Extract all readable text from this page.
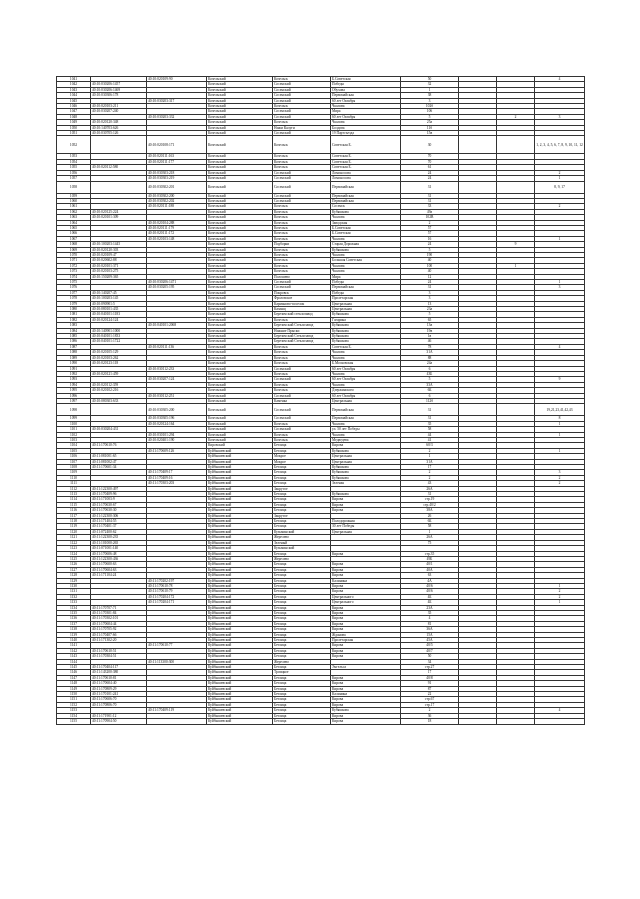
1041		40:10:020109:90	Козельский	Козельск	Б.Советская	50			4
1042	40:10:030206:1457		Козельский	Сосенский	Победы	32			
1043	40:10:030206:1469		Козельский	Сосенский	Обухова	1			
1044	40:10:030306:178		Козельский	Сосенский	Первомайская	38			
1045		40:10:030203:317	Козельский	Сосенский	60 лет Октября	3			
1046	40:10:020103:211		Козельский	Козельск	Чкалова	102б			
1047	40:10:030207:240		Козельский	Сосенский	Мира	106			
1048		40:10:030203:332	Козельский	Сосенский	60 лет Октября	5		2	3
1049	40:10:020120:348		Козельский	Козельск	Чкалова	25а			
1050	40:10:140703:626		Козельский	Нижи Калуги	Болдова	11б			
1051	40:10:030705:126		Козельский	Сосенский	19 Партсъезда	15в			
1052		40:10:020108:171	Козельский	Козельск	Советская Б.	30			1, 2, 3, 4, 5, 6, 7, 8, 9, 10, 11, 12
1053		40:10:020111:163	Козельский	Козельск	Советская Б.	70			
1054		40:10:020111:177	Козельский	Козельск	Советская Б.	70			
1055	40:10:020112:580		Козельский	Козельск	Советская Б.	61			
1056		40:10:030303:218	Козельский	Сосенский	Ломоносова	24			2
1057		40:10:030303:219	Козельский	Сосенский	Ломоносова	24			1
1058		40:10:030302:201	Козельский	Сосенский	Первомайская	31			8, 9, 17
1059		40:10:030302:200	Козельский	Сосенский	Первомайская	31			
1060		40:10:030302:202	Козельский	Сосенский	Первомайская	31			
1061		40:10:020111:188	Козельский	Козельск	Сосенск	33			2
1062	40:10:020125:224		Козельский	Козельск	Кубяшкова	49а			
1063	40:10:020101:309		Козельский	Козельск	Чкалова	102В			
1064		40:10:020104:288	Козельский	Козельск	Заводская	2			
1065		40:10:020111:179	Козельский	Козельск	Б.Советская	57			
1066		40:10:020111:172	Козельский	Козельск	Б.Советская	57			
1067		40:10:020103:148	Козельский	Козельск	Чкалова	16			1
1068	40:10:100203:1445		Козельский	Подборки	Старая Дорожная	24		9	
1069	40:10:020120:303		Козельский	Козельск	Кубяшкова	5			
1070	40:10:020109:47		Козельский	Козельск	Чкалова	190			
1071	40:10:020602:88		Козельский	Козельск	Большая Советская	40			
1072	40:10:020101:371		Козельский	Козельск	Чкалова	100		1	
1073	40:10:020103:275		Козельский	Козельск	Чкалова	40			
1074	40:10:150209:365		Козельский	Полошево	Мира	12			
1075		40:10:030206:1471	Козельский	Сосенский	Победы	24			1
1076		40:10:030205:195	Козельский	Сосенский	Первомайская	31			3
1077	40:10:140207:45		Козельский	Покровск	Победы	3			
1078	40:10:100203:145		Козельский	Фроловское	Пролетарская	3			
1079	40:10:090901:5		Козельский	Карманово-поселок	Центральная	13			
1080	40:10:080101:435		Козельский	Казанщ	Центральная	23а			
1081	40:10:040101:1183		Козельский	Березичский стеклозавод	Кубяшкова	5			
1082	40:10:020124:124		Козельский	Козельск	Гагарина	65			
1083		40:10:040101:2068	Козельский	Березичский Стеклозавод	Кубяшкова	13в			
1084	40:10:140901:1000		Козельский	Нижние Прыски	Кубяшкова	19в			
1085	40:10:040101:1833		Козельский	Березичский Стеклозавод	Кубяшкова	1в			
1086	40:10:040101:1722		Козельский	Березичский Стеклозавод	Кубяшкова	46			
1087		40:10:020111:136	Козельский	Козельск	Советская Б.	78			4
1088	40:10:020105:129		Козельский	Козельск	Чкалова	31А			
1089	40:10:020103:262		Козельский	Козельск	Чкалова	88			
1090	40:10:020123:118		Козельский	Козельск	Б.Московская	24а			
1091		40:10:030112:233	Козельский	Сосенский	60 лет Октября	6			
1092	40:10:020121:459		Козельский	Козельск	Чкалова	43Б			
1093		40:10:030207:124	Козельский	Сосенский	60 лет Октября	5			9
1094	40:10:020112:359		Козельский	Козельск	Чкалова	33А			
1095	40:10:020102:216		Козельский	Козельск	Дзержинского	6Б			
1096		40:10:030112:251	Козельский	Сосенский	60 лет Октября	6			
1097	40:10:080303:633		Козельский	Каменка	Центральная	112б			
1098		40:10:030305:200	Козельский	Сосенский	Первомайская	31			19,21,23,41,42,43
1099		40:10:030305:196	Козельский	Сосенский	Первомайская	31			8
1100		40:10:020124:164	Козельский	Козельск	Чкалова	35			1
1101	40:10:030204:431		Козельский	Сосенский	ул. 50 лет Победы	58			
1102		40:10:030101:294	Козельский	Козельск	Чкалова	44			1
1103		40:10:020401:190	Козельский	Козельск	Медведева	41			
1104	40:11:170610:76		Кировский	Бетлица	Кирова	60/3			
1105		40:11:170609:126	Куйбышевский	Бетлица	Кубяшкова	2			1
1106	40:11:081001:65		Куйбышевский	Мокрое	Центральная	1			
1107	40:11:081002:47		Куйбышевский	Мокрое	Центральная	31А			
1108	40:11:170601:34		Куйбышевский	Бетлица	Кубяшкова	17			
1109		40:11:170409:17	Куйбышевский	Бетлица	Кубяшкова	2			3
1110		40:11:170409:16	Куйбышевский	Бетлица	Кубяшкова	2			2
1111		40:11:170303:203	Куйбышевский	Бетлица	Зеленая	43			2
1112	40:11:122300:497		Куйбышевский	Закрутое		26А			
1113	40:11:170409:96		Куйбышевский	Бетлица	Кубяшкова	31			
1114	40:11:171003:9		Куйбышевский	Бетлица	Кирова	стр.19			
1115	40:11:170630:67		Куйбышевский	Бетлица	Кирова	стр.40/2			
1116	40:11:170630:30		Куйбышевский	Бетлица	Кирова	38А			
1117	40:11:122300:306		Куйбышевский	Закрутое		26			
1118	40:11:171404:55		Куйбышевский	Бетлица	Полодорожная	6Б			
1119	40:11:170401:37		Куйбышевский	Бетлица	30 лет Победы	58			
1120	40:11:072400:62		Куйбышевский	Кузьминский	Центральная	1			
1121	40:11:122300:235		Куйбышевский	Жерелево		26А			
1122	40:11:101000:265		Куйбышевский	Зеленый		75			
1123	40:11:071001:140		Куйбышевский	Кузьминский					
1124	40:11:170606:48		Куйбышевский	Бетлица	Кирова	стр.35			
1125	40:11:122300:436		Куйбышевский	Жерелево		49Б			
1126	40:11:170600:63		Куйбышевский	Бетлица	Кирова	40/1			
1127	40:11:170604:63		Куйбышевский	Бетлица	Кирова	40А			
1128	40:11:171104:24		Куйбышевский	Бетлица	Кирова	63			
1129		40:11:170202:197	Куйбышевский	Бетлица	Калинина	4А			
1130		40:11:170610:78	Куйбышевский	Бетлица	Кирова	40/6			1
1131		40:11:170610:79	Куйбышевский	Бетлица	Кирова	40/6			2
1132		40:11:170204:172	Куйбышевский	Бетлица	Центрального	4Б			2
1133		40:11:170204:171	Куйбышевский	Бетлица	Центрального	4Б			1
1134	40:11:170707:71		Куйбышевский	Бетлица	Кирова	23А			
1135	40:11:170301:84		Куйбышевский	Бетлица	Кирова	35			
1136	40:11:170302:101		Куйбышевский	Бетлица	Кирова	4			
1137	40:11:170604:44		Куйбышевский	Бетлица	Кирова	81			
1138	40:11:170705:92		Куйбышевский	Бетлица	Кирова	36А			
1139	40:11:170407:66		Куйбышевский	Бетлица	Жданова	15А			
1140	40:11:171302:20		Куйбышевский	Бетлица	Пролетарская	45А			
1141		40:11:170610:77	Куйбышевский	Бетлица	Кирова	40/5			
1142	40:11:170610:51		Куйбышевский	Бетлица	Кирова	40/7			
1143	40:11:170304:51		Куйбышевский	Бетлица	Кирова	50			
1144		40:11:113300:300	Куйбышевский	Жерелево		34			
1145	40:11:170404:117		Куйбышевский	Бетлица	Энгельса	стр.27			
1146	40:11:143200:380		Куйбышевский	Троицкое		17			
1147	40:11:170610:81		Куйбышевский	Бетлица	Кирова	40/8			
1148	40:11:170604:40		Куйбышевский	Бетлица	Кирова	91			
1149	40:11:170809:29		Куйбышевский	Бетлица	Кирова	87			
1150	40:11:170101:241		Куйбышевский	Бетлица	Калинина	22			
1151	40:11:170606:70		Куйбышевский	Бетлица	Кирова	стр.67			
1152	40:11:170806:70		Куйбышевский	Бетлица	Кирова	стр.17			
1153		40:11:170409:119	Куйбышевский	Бетлица	Кубяшкова	2			4
1154	40:11:171901:12		Куйбышевский	Бетлица	Кирова	36			
1155	40:11:170904:50		Куйбышевский	Бетлица	Кирова	18			
